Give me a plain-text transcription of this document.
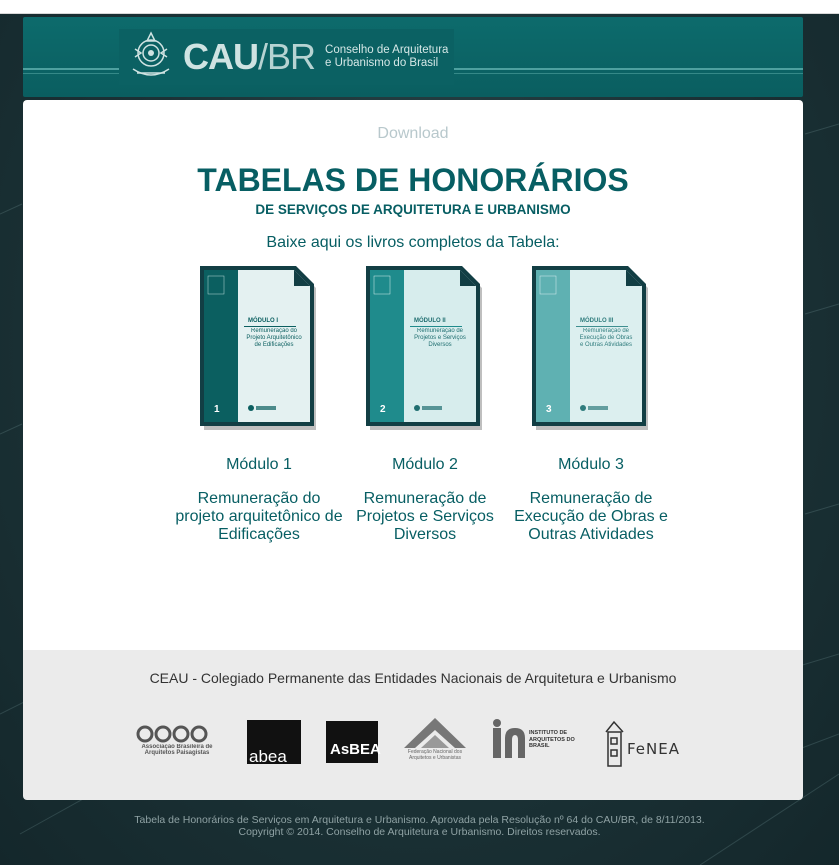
CAU/BR Conselho de Arquitetura
e Urbanismo do Brasil
Download
TABELAS DE HONORÁRIOS
DE SERVIÇOS DE ARQUITETURA E URBANISMO
Baixe aqui os livros completos da Tabela:
MÓDULO I
Remuneração do Projeto Arquitetônico de Edificações
1
Módulo 1
Remuneração do projeto arquitetônico de Edificações
MÓDULO II
Remuneração de Projetos e Serviços Diversos
2
Módulo 2
Remuneração de Projetos e Serviços Diversos
MÓDULO III
Remuneração de Execução de Obras e Outras Atividades
3
Módulo 3
Remuneração de Execução de Obras e Outras Atividades
CEAU - Colegiado Permanente das Entidades Nacionais de Arquitetura e Urbanismo
Associação Brasileira de Arquitetos Paisagistas	abea	AsBEA	Federação Nacional dos Arquitetos e Urbanistas
INSTITUTO DE ARQUITETOS DO BRASIL	FeNEA
Tabela de Honorários de Serviços em Arquitetura e Urbanismo. Aprovada pela Resolução nº 64 do CAU/BR, de 8/11/2013.
Copyright © 2014. Conselho de Arquitetura e Urbanismo. Direitos reservados.
